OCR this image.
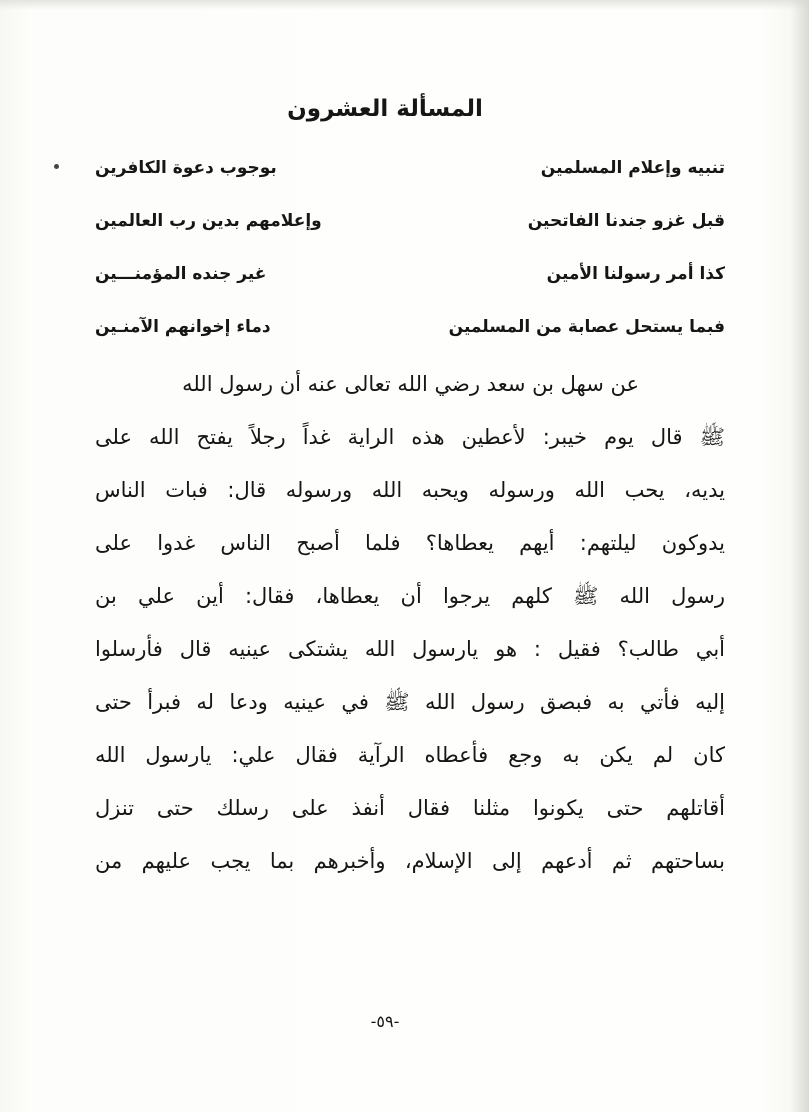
المسألة العشرون
تنبيه وإعلام المسلمين
بوجوب دعوة الكافرين
قبل غزو جندنا الفاتحين
وإعلامهم بدين رب العالمين
كذا أمر رسولنا الأمين
غير جنده المؤمنـــين
فبما يستحل عصابة من المسلمين
دماء إخوانهم الآمنـين
عن سهل بن سعد رضي الله تعالى عنه أن رسول الله
ﷺ قال يوم خيبر: لأعطين هذه الراية غداً رجلاً يفتح الله على
يديه، يحب الله ورسوله ويحبه الله ورسوله قال: فبات الناس
يدوكون ليلتهم: أيهم يعطاها؟ فلما أصبح الناس غدوا على
رسول الله ﷺ كلهم يرجوا أن يعطاها، فقال: أين علي بن
أبي طالب؟ فقيل : هو يارسول الله يشتكى عينيه قال فأرسلوا
إليه فأتي به فبصق رسول الله ﷺ في عينيه ودعا له فبرأ حتى
كان لم يكن به وجع فأعطاه الرآية فقال علي: يارسول الله
أقاتلهم حتى يكونوا مثلنا فقال أنفذ على رسلك حتى تنزل
بساحتهم ثم أدعهم إلى الإسلام، وأخبرهم بما يجب عليهم من
-٥٩-
